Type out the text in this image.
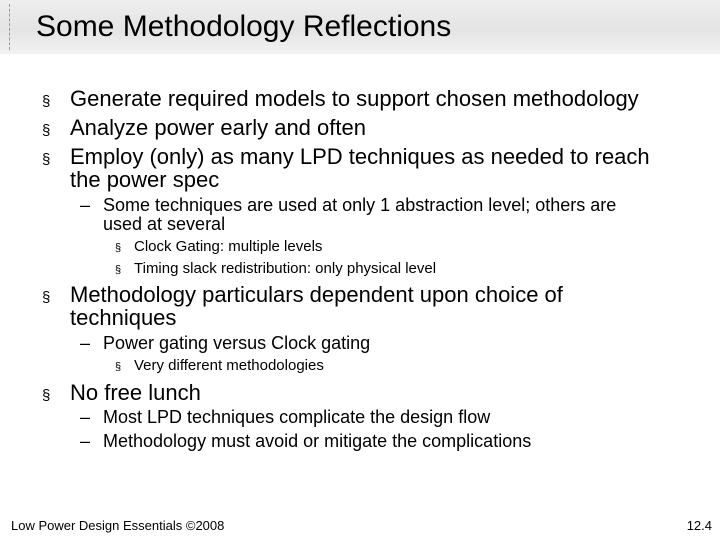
Some Methodology Reflections
§ Generate required models to support chosen methodology
§ Analyze power early and often
§ Employ (only) as many LPD techniques as needed to reach
the power spec
– Some techniques are used at only 1 abstraction level; others are
used at several
§ Clock Gating: multiple levels
§ Timing slack redistribution: only physical level
§ Methodology particulars dependent upon choice of
techniques
– Power gating versus Clock gating
§ Very different methodologies
§ No free lunch
– Most LPD techniques complicate the design flow
– Methodology must avoid or mitigate the complications
Low Power Design Essentials ©2008	12.4
